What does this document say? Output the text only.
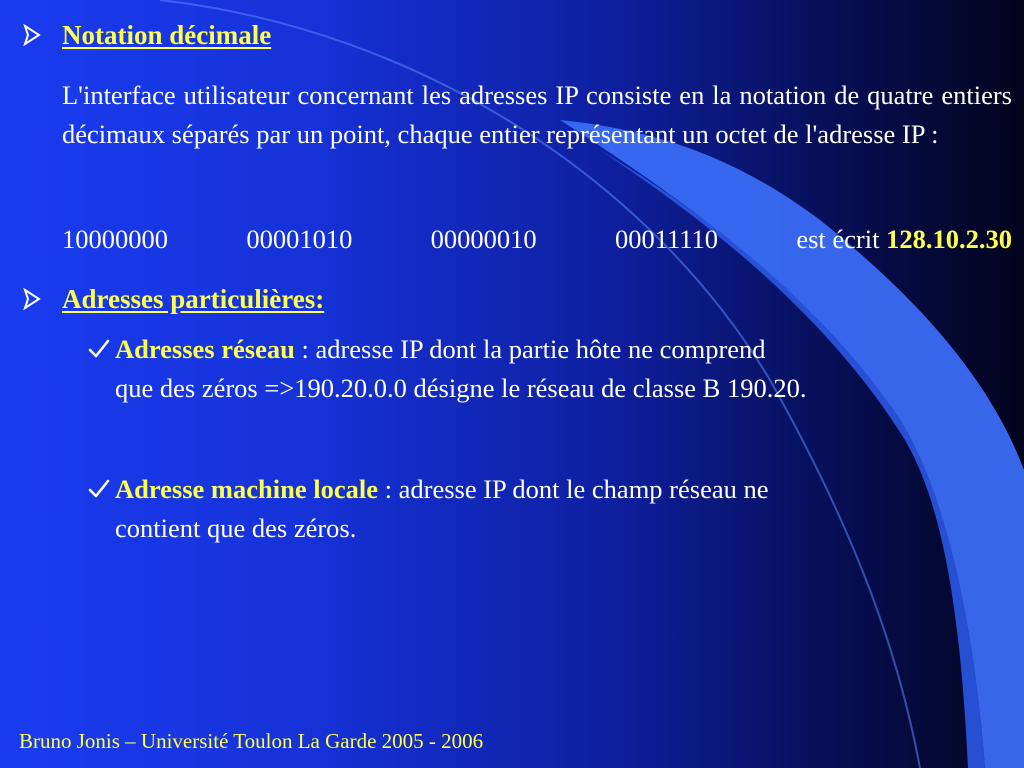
Notation décimale
L'interface utilisateur concernant les adresses IP consiste en la notation de quatre entiers décimaux séparés par un point, chaque entier représentant un octet de l'adresse IP :
10000000	00001010	00000010	00011110	est écrit 128.10.2.30
Adresses particulières:
Adresses réseau : adresse IP dont la partie hôte ne comprend
que des zéros =>190.20.0.0 désigne le réseau de classe B 190.20.
Adresse machine locale : adresse IP dont le champ réseau ne
contient que des zéros.
Bruno Jonis – Université Toulon La Garde 2005 - 2006
